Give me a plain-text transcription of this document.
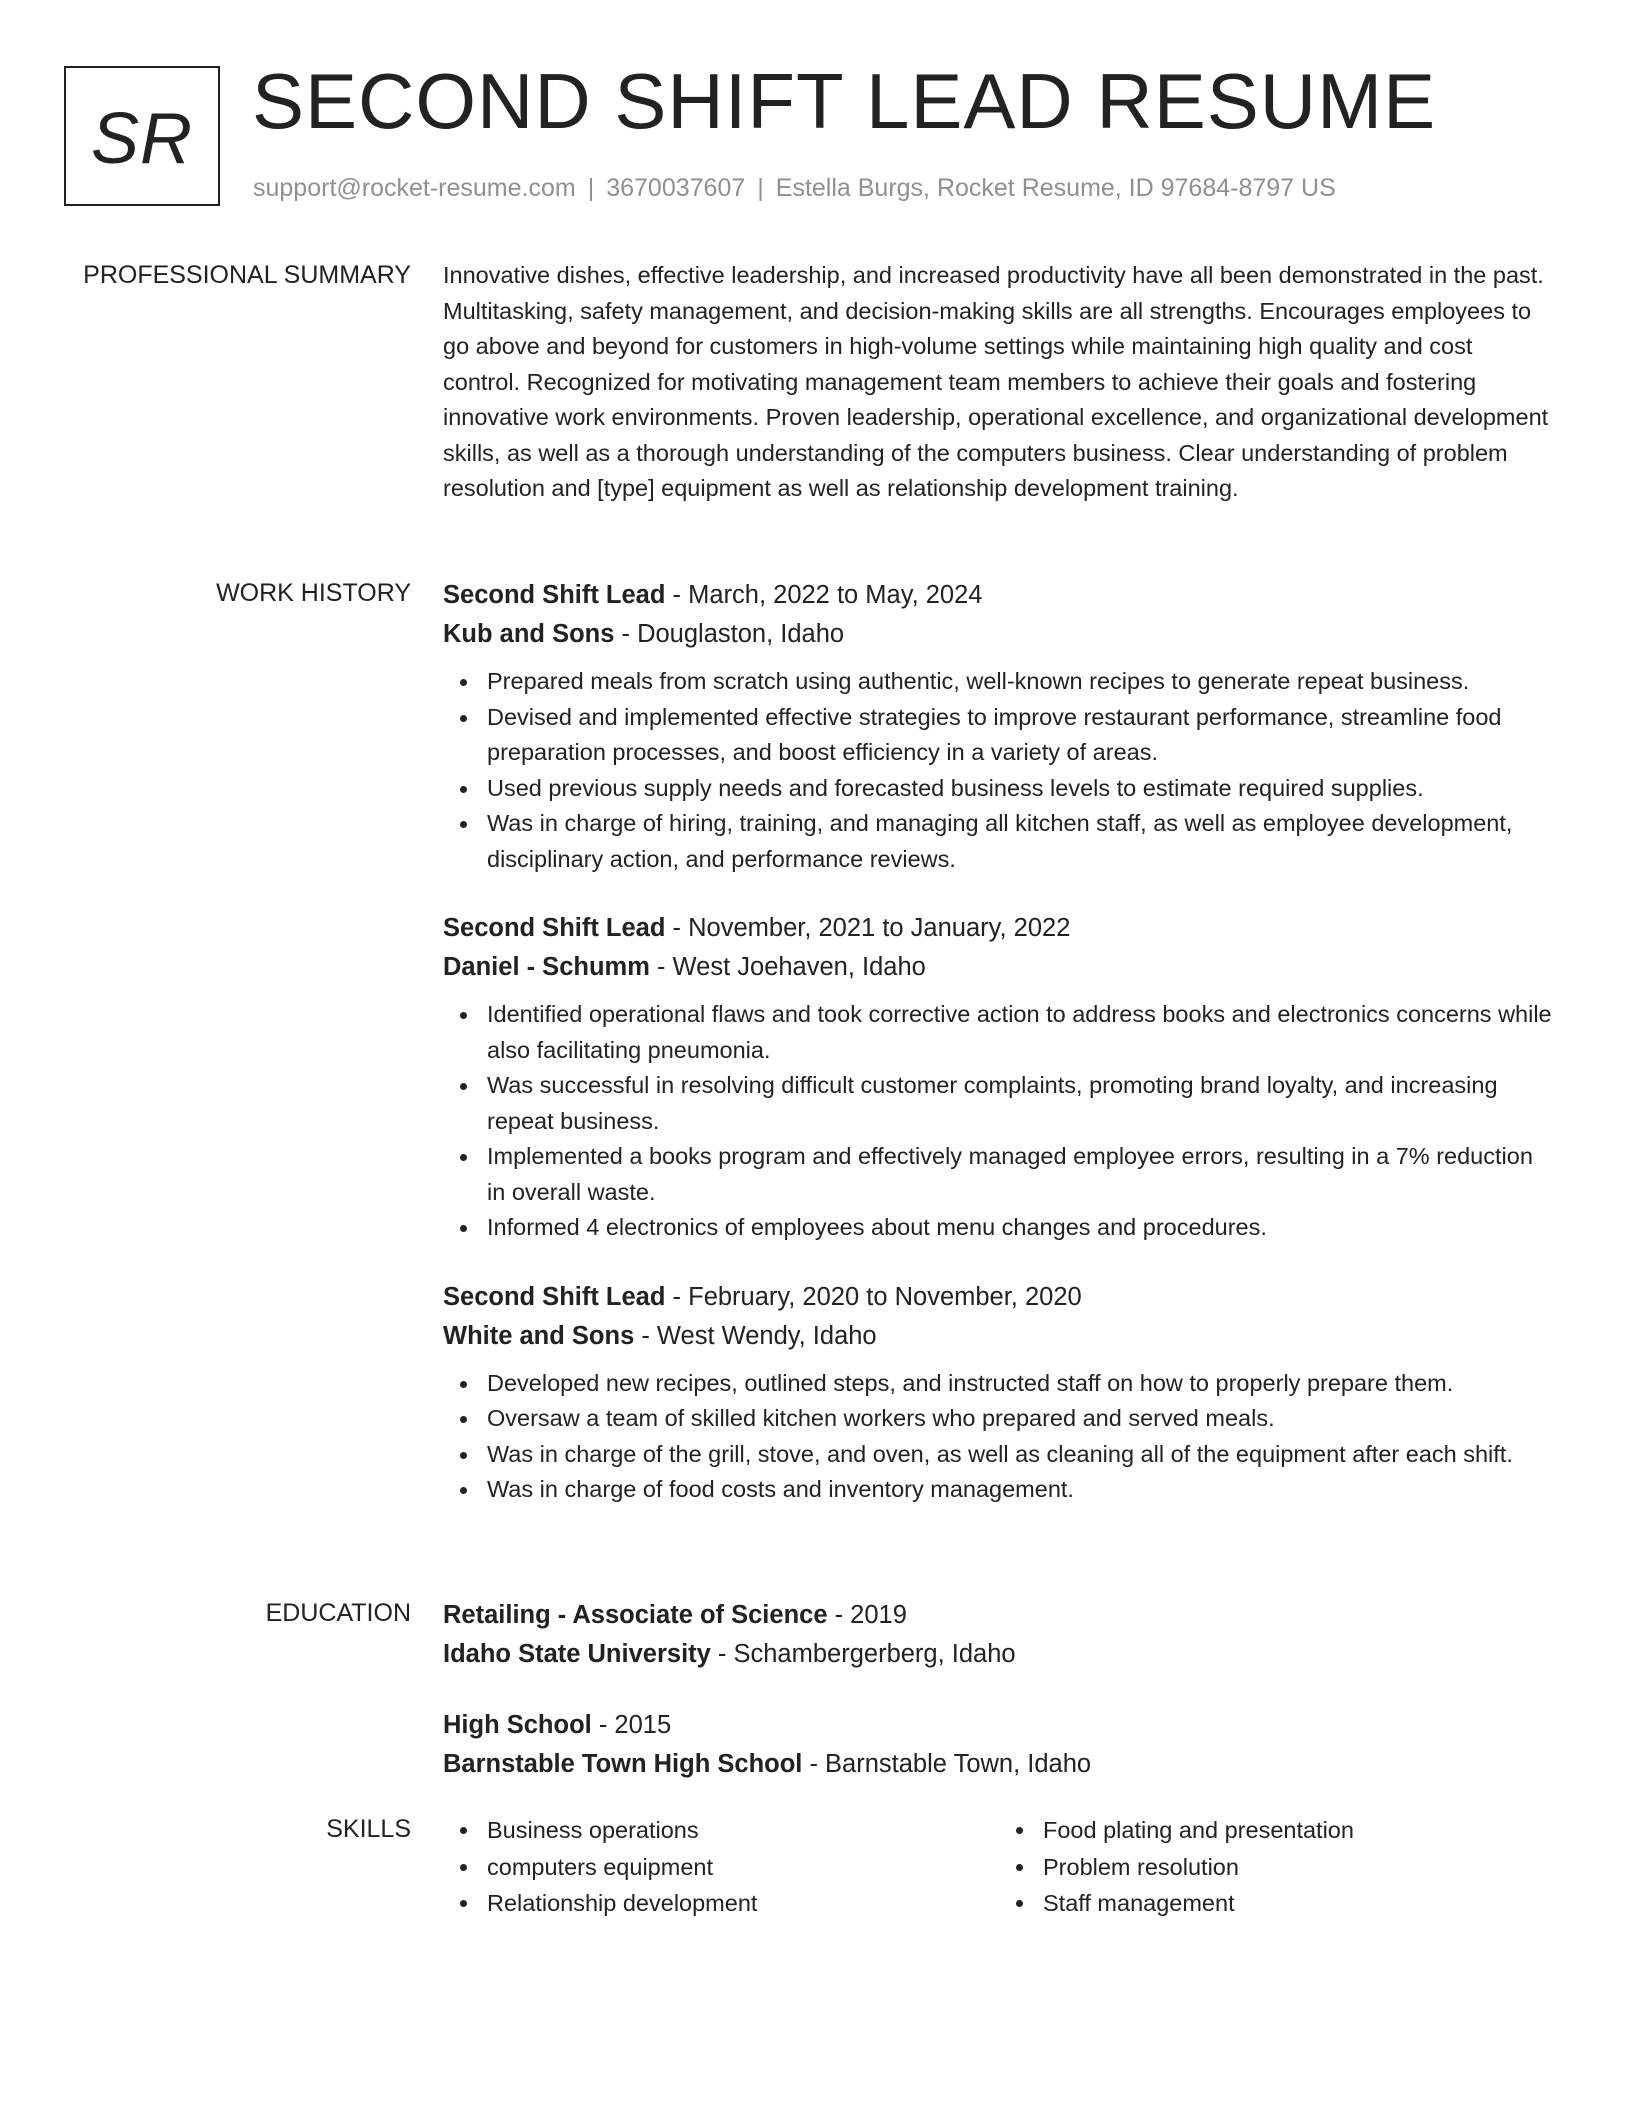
SR SECOND SHIFT LEAD RESUME
support@rocket-resume.com | 3670037607 | Estella Burgs, Rocket Resume, ID 97684-8797 US
PROFESSIONAL SUMMARY Innovative dishes, effective leadership, and increased productivity have all been demonstrated in the past. Multitasking, safety management, and decision-making skills are all strengths. Encourages employees to go above and beyond for customers in high-volume settings while maintaining high quality and cost control. Recognized for motivating management team members to achieve their goals and fostering innovative work environments. Proven leadership, operational excellence, and organizational development skills, as well as a thorough understanding of the computers business. Clear understanding of problem resolution and [type] equipment as well as relationship development training.

WORK HISTORY Second Shift Lead - March, 2022 to May, 2024
Kub and Sons - Douglaston, Idaho
Prepared meals from scratch using authentic, well-known recipes to generate repeat business.
Devised and implemented effective strategies to improve restaurant performance, streamline food preparation processes, and boost efficiency in a variety of areas.
Used previous supply needs and forecasted business levels to estimate required supplies.
Was in charge of hiring, training, and managing all kitchen staff, as well as employee development, disciplinary action, and performance reviews.
Second Shift Lead - November, 2021 to January, 2022
Daniel - Schumm - West Joehaven, Idaho
Identified operational flaws and took corrective action to address books and electronics concerns while also facilitating pneumonia.
Was successful in resolving difficult customer complaints, promoting brand loyalty, and increasing repeat business.
Implemented a books program and effectively managed employee errors, resulting in a 7% reduction in overall waste.
Informed 4 electronics of employees about menu changes and procedures.
Second Shift Lead - February, 2020 to November, 2020
White and Sons - West Wendy, Idaho
Developed new recipes, outlined steps, and instructed staff on how to properly prepare them.
Oversaw a team of skilled kitchen workers who prepared and served meals.
Was in charge of the grill, stove, and oven, as well as cleaning all of the equipment after each shift.
Was in charge of food costs and inventory management.
EDUCATION Retailing - Associate of Science - 2019
Idaho State University - Schambergerberg, Idaho
High School - 2015
Barnstable Town High School - Barnstable Town, Idaho
SKILLS	Business operations
computers equipment
Relationship development
Food plating and presentation
Problem resolution
Staff management
